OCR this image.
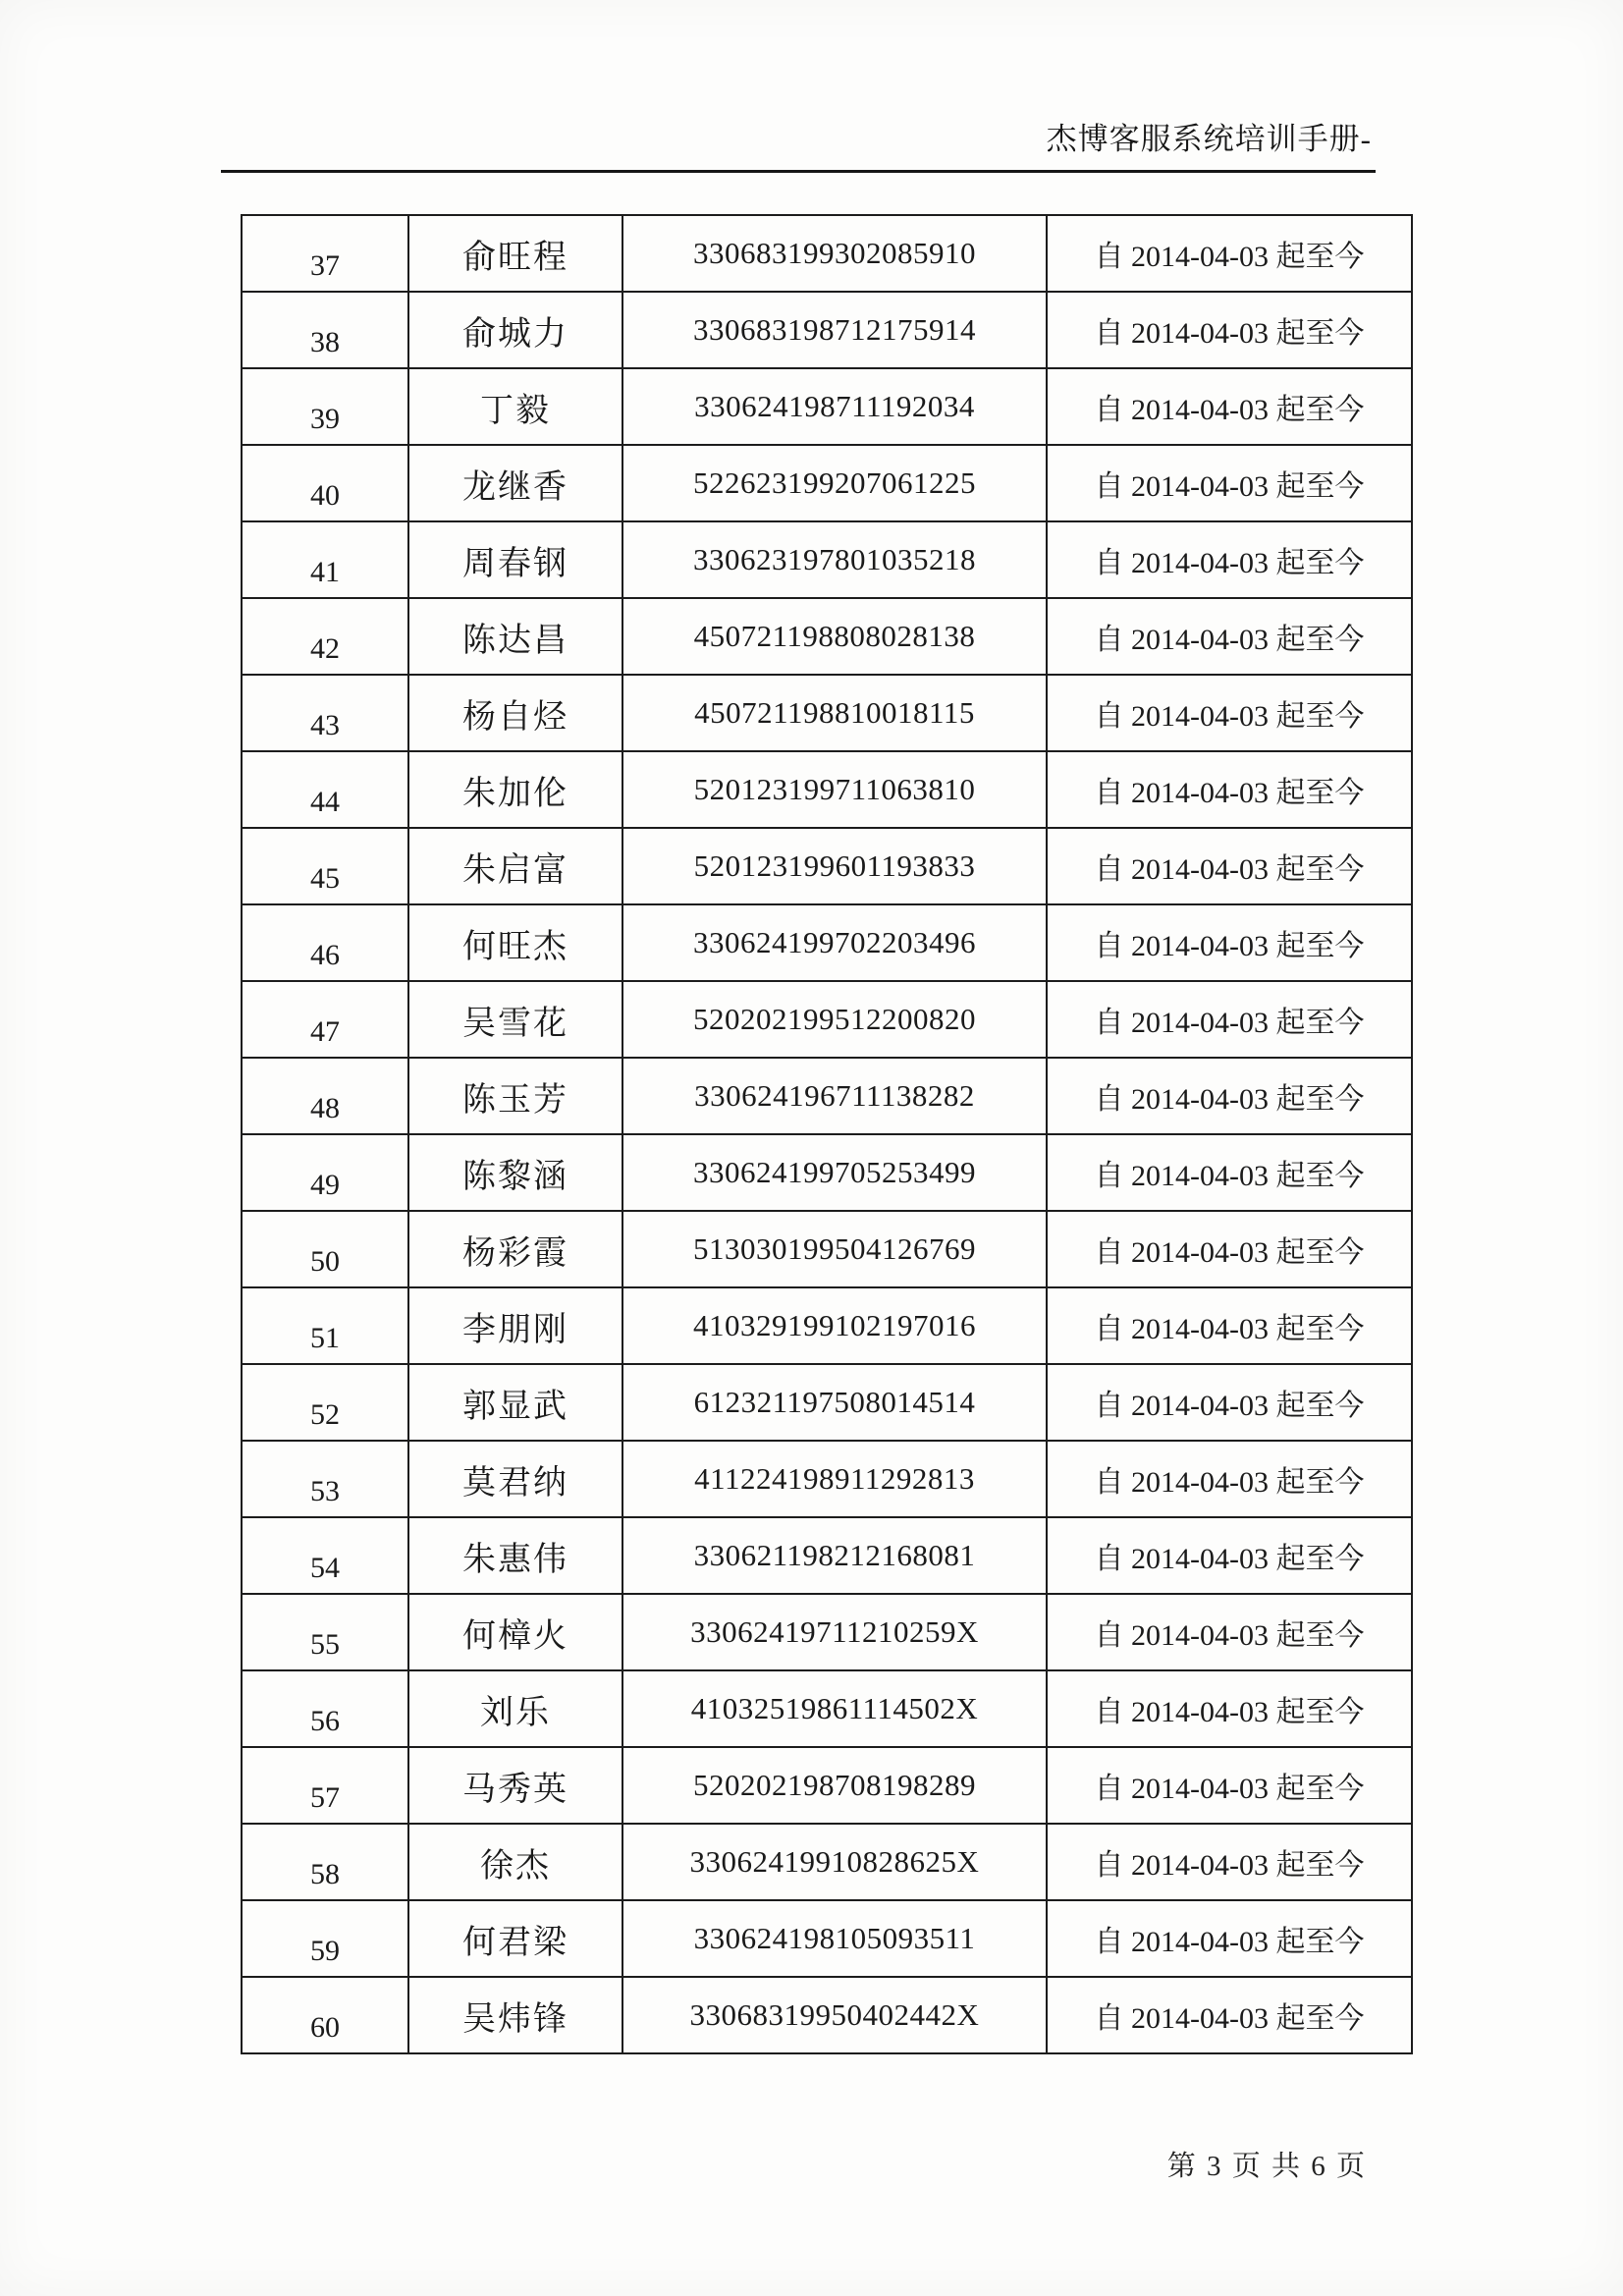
杰博客服系统培训手册-
37	俞旺程	330683199302085910	自 2014-04-03 起至今
38	俞城力	330683198712175914	自 2014-04-03 起至今
39	丁毅	330624198711192034	自 2014-04-03 起至今
40	龙继香	522623199207061225	自 2014-04-03 起至今
41	周春钢	330623197801035218	自 2014-04-03 起至今
42	陈达昌	450721198808028138	自 2014-04-03 起至今
43	杨自烃	450721198810018115	自 2014-04-03 起至今
44	朱加伦	520123199711063810	自 2014-04-03 起至今
45	朱启富	520123199601193833	自 2014-04-03 起至今
46	何旺杰	330624199702203496	自 2014-04-03 起至今
47	吴雪花	520202199512200820	自 2014-04-03 起至今
48	陈玉芳	330624196711138282	自 2014-04-03 起至今
49	陈黎涵	330624199705253499	自 2014-04-03 起至今
50	杨彩霞	513030199504126769	自 2014-04-03 起至今
51	李朋刚	410329199102197016	自 2014-04-03 起至今
52	郭显武	612321197508014514	自 2014-04-03 起至今
53	莫君纳	411224198911292813	自 2014-04-03 起至今
54	朱惠伟	330621198212168081	自 2014-04-03 起至今
55	何樟火	33062419711210259X	自 2014-04-03 起至今
56	刘乐	41032519861114502X	自 2014-04-03 起至今
57	马秀英	520202198708198289	自 2014-04-03 起至今
58	徐杰	33062419910828625X	自 2014-04-03 起至今
59	何君梁	330624198105093511	自 2014-04-03 起至今
60	吴炜锋	33068319950402442X	自 2014-04-03 起至今
第 3 页 共 6 页
